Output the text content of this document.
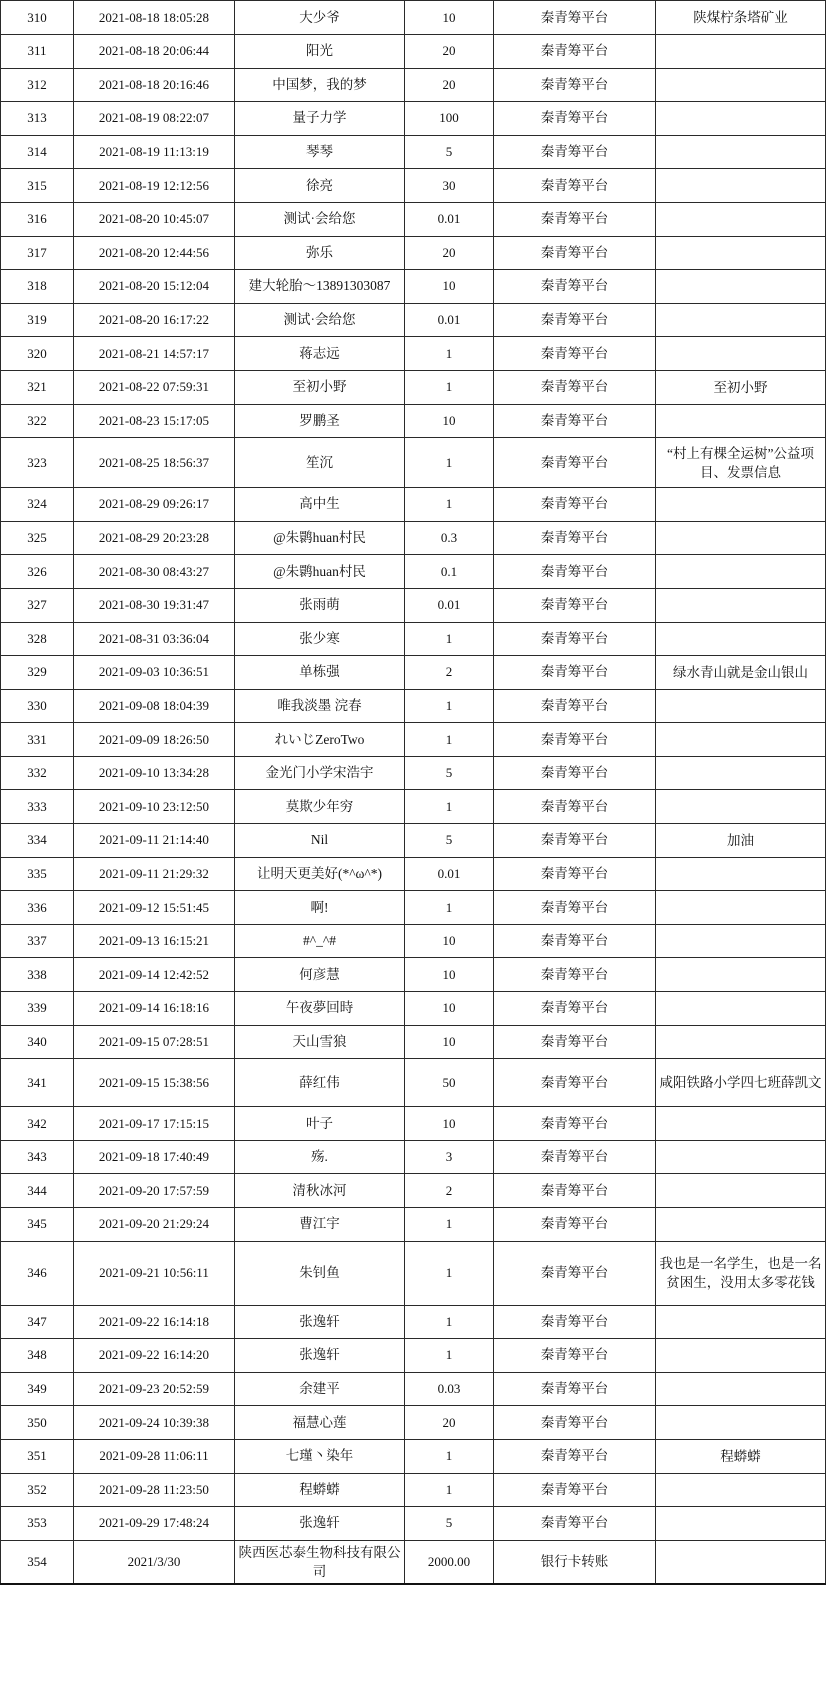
310	2021-08-18 18:05:28	大少爷	10	秦青筹平台	陕煤柠条塔矿业
311	2021-08-18 20:06:44	阳光	20	秦青筹平台	
312	2021-08-18 20:16:46	中国梦，我的梦	20	秦青筹平台	
313	2021-08-19 08:22:07	量子力学	100	秦青筹平台	
314	2021-08-19 11:13:19	琴琴	5	秦青筹平台	
315	2021-08-19 12:12:56	徐亮	30	秦青筹平台	
316	2021-08-20 10:45:07	测试·会给您	0.01	秦青筹平台	
317	2021-08-20 12:44:56	弥乐	20	秦青筹平台	
318	2021-08-20 15:12:04	建大轮胎～13891303087	10	秦青筹平台	
319	2021-08-20 16:17:22	测试·会给您	0.01	秦青筹平台	
320	2021-08-21 14:57:17	蒋志远	1	秦青筹平台	
321	2021-08-22 07:59:31	至初小野	1	秦青筹平台	至初小野
322	2021-08-23 15:17:05	罗鹏圣	10	秦青筹平台	
323	2021-08-25 18:56:37	笙沉	1	秦青筹平台	“村上有棵全运树”公益项目、发票信息
324	2021-08-29 09:26:17	高中生	1	秦青筹平台	
325	2021-08-29 20:23:28	@朱鹮huan村民	0.3	秦青筹平台	
326	2021-08-30 08:43:27	@朱鹮huan村民	0.1	秦青筹平台	
327	2021-08-30 19:31:47	张雨萌	0.01	秦青筹平台	
328	2021-08-31 03:36:04	张少寒	1	秦青筹平台	
329	2021-09-03 10:36:51	单栋强	2	秦青筹平台	绿水青山就是金山银山
330	2021-09-08 18:04:39	唯我淡墨 浣春	1	秦青筹平台	
331	2021-09-09 18:26:50	れいじZeroTwo	1	秦青筹平台	
332	2021-09-10 13:34:28	金光门小学宋浩宇	5	秦青筹平台	
333	2021-09-10 23:12:50	莫欺少年穷	1	秦青筹平台	
334	2021-09-11 21:14:40	Nil	5	秦青筹平台	加油
335	2021-09-11 21:29:32	让明天更美好(*^ω^*)	0.01	秦青筹平台	
336	2021-09-12 15:51:45	啊!	1	秦青筹平台	
337	2021-09-13 16:15:21	#^_^#	10	秦青筹平台	
338	2021-09-14 12:42:52	何彦慧	10	秦青筹平台	
339	2021-09-14 16:18:16	午夜夢回時	10	秦青筹平台	
340	2021-09-15 07:28:51	天山雪狼	10	秦青筹平台	
341	2021-09-15 15:38:56	薛红伟	50	秦青筹平台	咸阳铁路小学四七班薛凯文
342	2021-09-17 17:15:15	叶子	10	秦青筹平台	
343	2021-09-18 17:40:49	殇.	3	秦青筹平台	
344	2021-09-20 17:57:59	清秋冰河	2	秦青筹平台	
345	2021-09-20 21:29:24	曹江宇	1	秦青筹平台	
346	2021-09-21 10:56:11	朱钊鱼	1	秦青筹平台	我也是一名学生，也是一名贫困生，没用太多零花钱
347	2021-09-22 16:14:18	张逸轩	1	秦青筹平台	
348	2021-09-22 16:14:20	张逸轩	1	秦青筹平台	
349	2021-09-23 20:52:59	余建平	0.03	秦青筹平台	
350	2021-09-24 10:39:38	福慧心莲	20	秦青筹平台	
351	2021-09-28 11:06:11	七瑾丶染年	1	秦青筹平台	程蟒蟒
352	2021-09-28 11:23:50	程蟒蟒	1	秦青筹平台	
353	2021-09-29 17:48:24	张逸轩	5	秦青筹平台	
354	2021/3/30	陕西医芯泰生物科技有限公司	2000.00	银行卡转账	
